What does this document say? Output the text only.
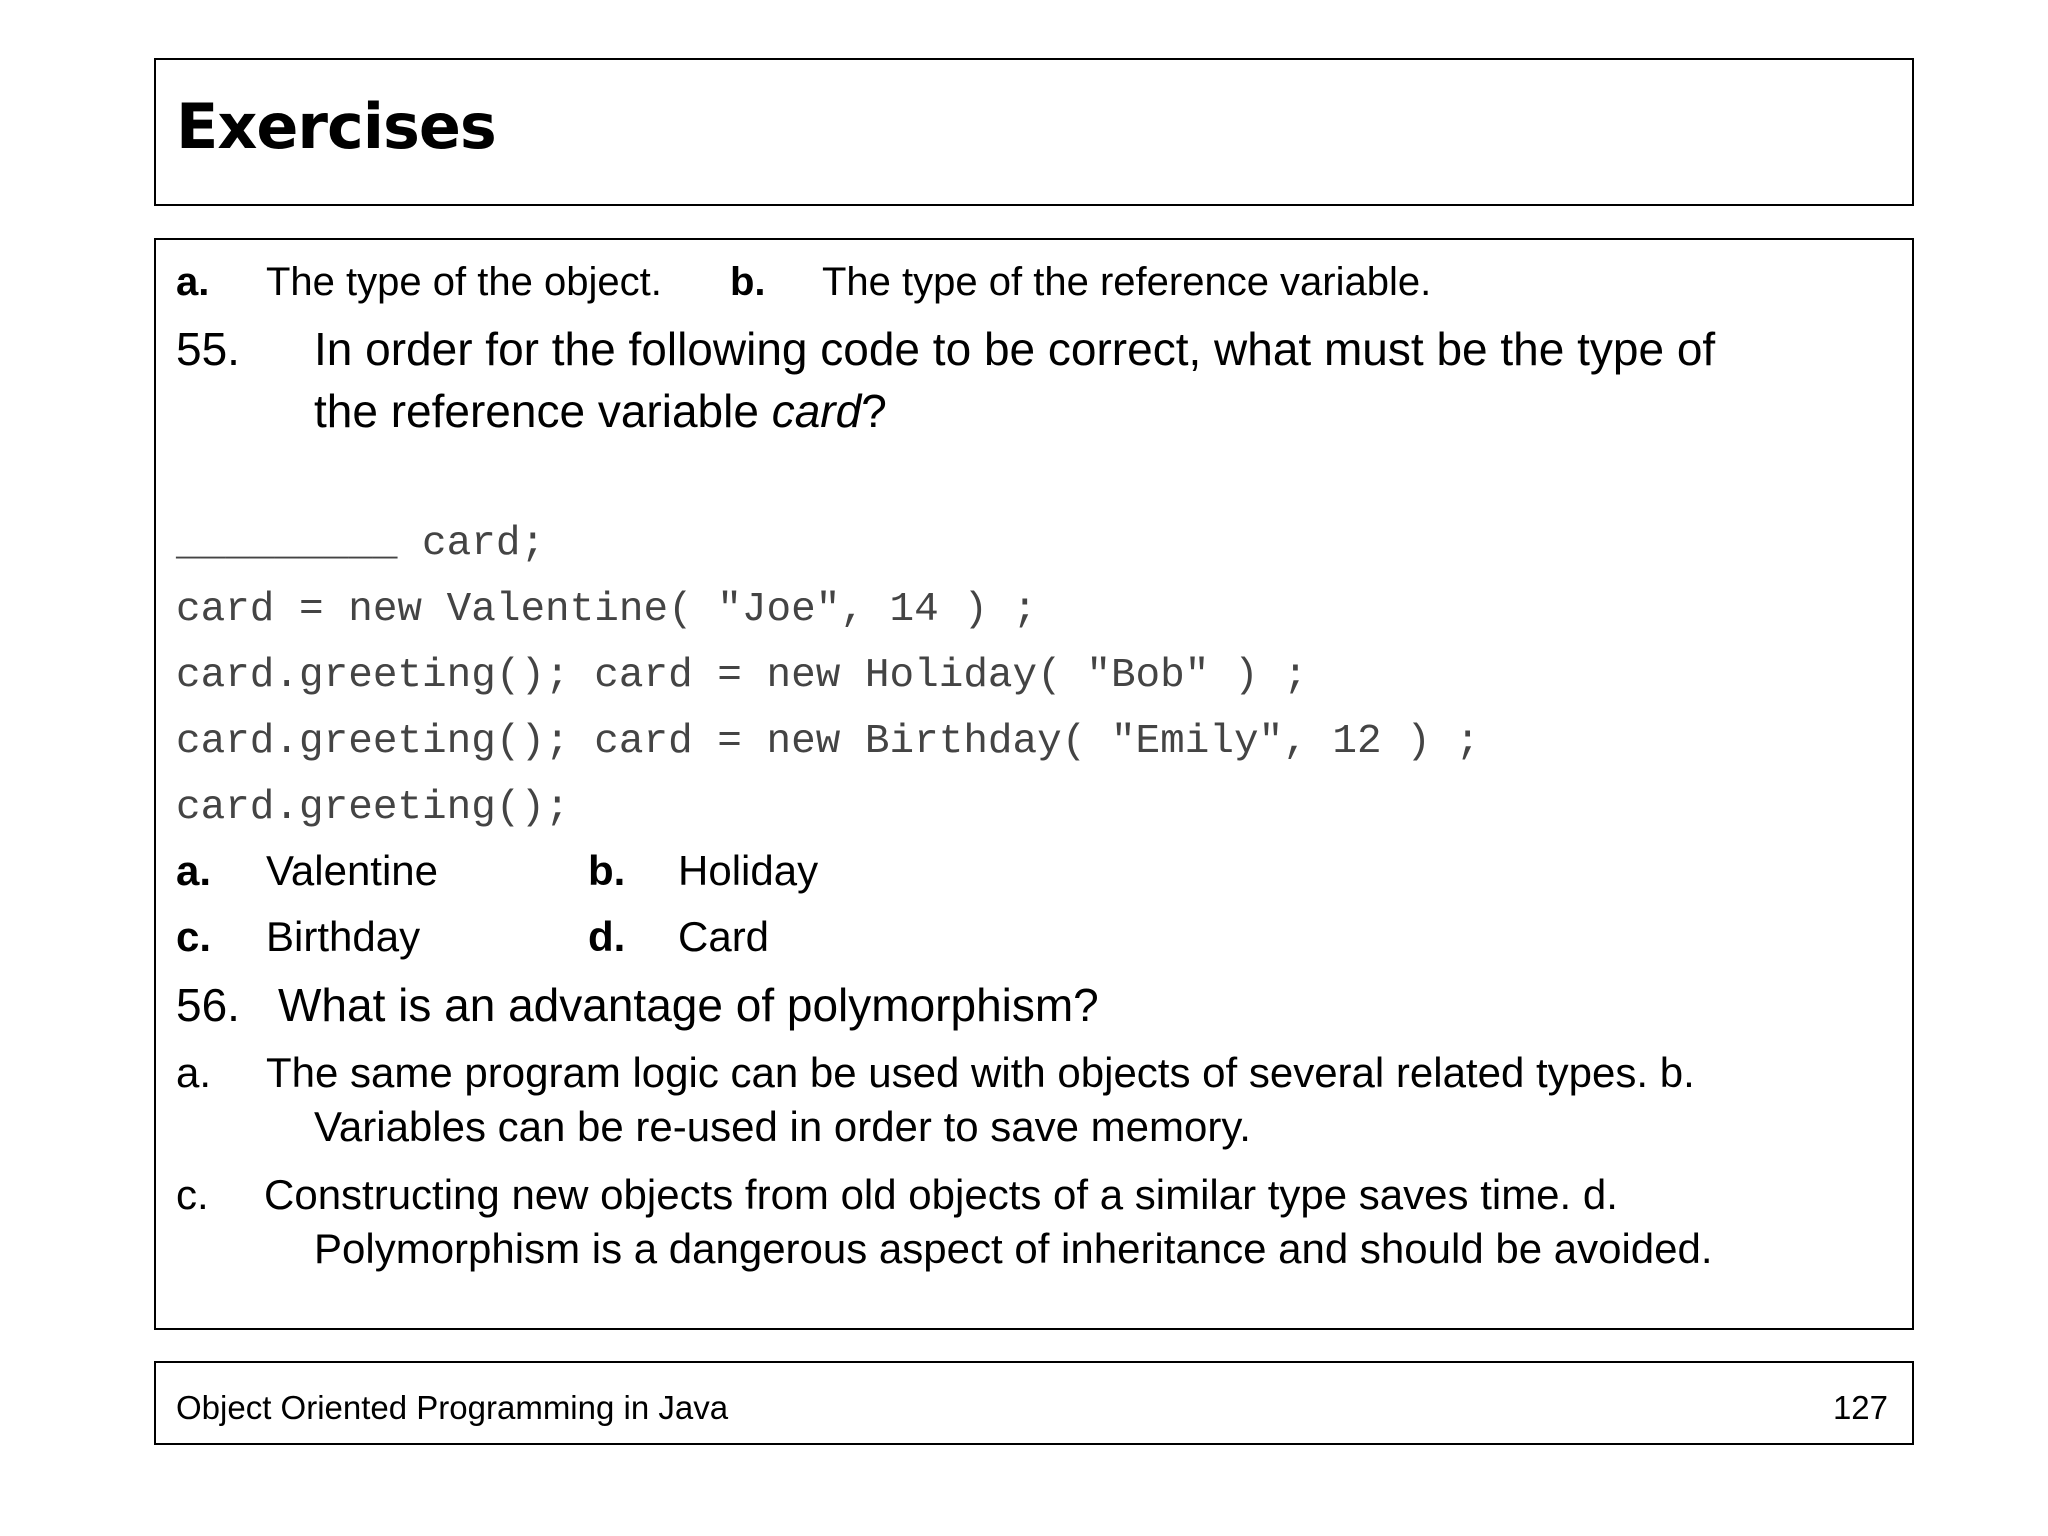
Exercises
a. The type of the object. b. The type of the reference variable.
55. In order for the following code to be correct, what must be the type of
the reference variable card?
_________ card;
card = new Valentine( "Joe", 14 ) ;
card.greeting(); card = new Holiday( "Bob" ) ;
card.greeting(); card = new Birthday( "Emily", 12 ) ;
card.greeting();
a. Valentine	b. Holiday
c. Birthday	d. Card
56. What is an advantage of polymorphism?
a. The same program logic can be used with objects of several related types. b.
Variables can be re-used in order to save memory.
c. Constructing new objects from old objects of a similar type saves time. d.
Polymorphism is a dangerous aspect of inheritance and should be avoided.
Object Oriented Programming in Java	127
